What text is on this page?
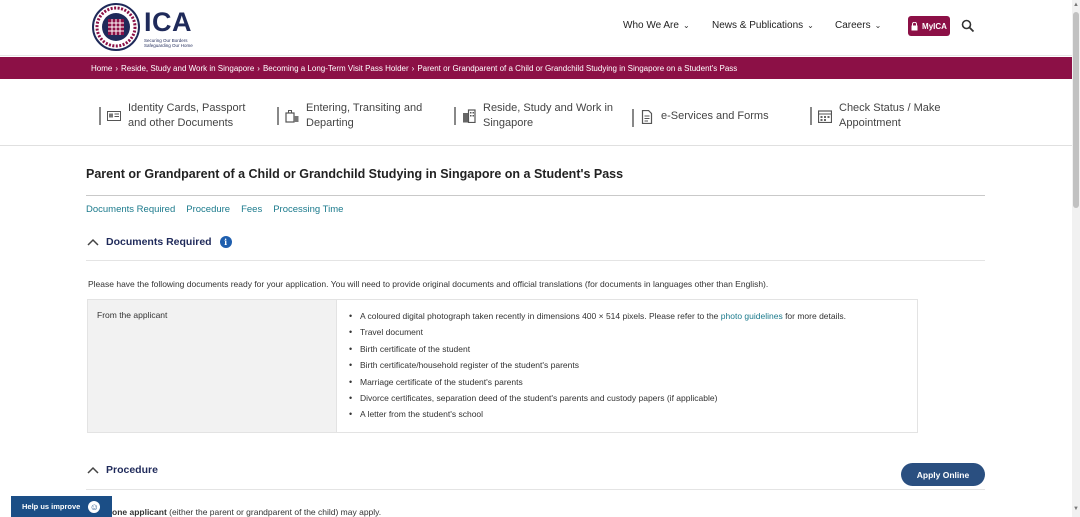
ICA
Securing Our Borders
Safeguarding Our Home
Who We Are ⌄ News & Publications ⌄ Careers ⌄	MyICA
Home › Reside, Study and Work in Singapore › Becoming a Long-Term Visit Pass Holder › Parent or Grandparent of a Child or Grandchild Studying in Singapore on a Student's Pass
Identity Cards, Passport
and other Documents
Entering, Transiting and
Departing
Reside, Study and Work in
Singapore
e-Services and Forms
Check Status / Make
Appointment
Parent or Grandparent of a Child or Grandchild Studying in Singapore on a Student's Pass
Documents Required Procedure Fees Processing Time
Documents Required	i
Please have the following documents ready for your application. You will need to provide original documents and official translations (for documents in languages other than English).
From the applicant
•	A coloured digital photograph taken recently in dimensions 400 × 514 pixels. Please refer to the photo guidelines for more details.
• Travel document
• Birth certificate of the student
• Birth certificate/household register of the student's parents
• Marriage certificate of the student's parents
• Divorce certificates, separation deed of the student's parents and custody papers (if applicable)
• A letter from the student's school
Procedure	Apply Online
one applicant (either the parent or grandparent of the child) may apply.
Help us improve ☺
▲
▼
